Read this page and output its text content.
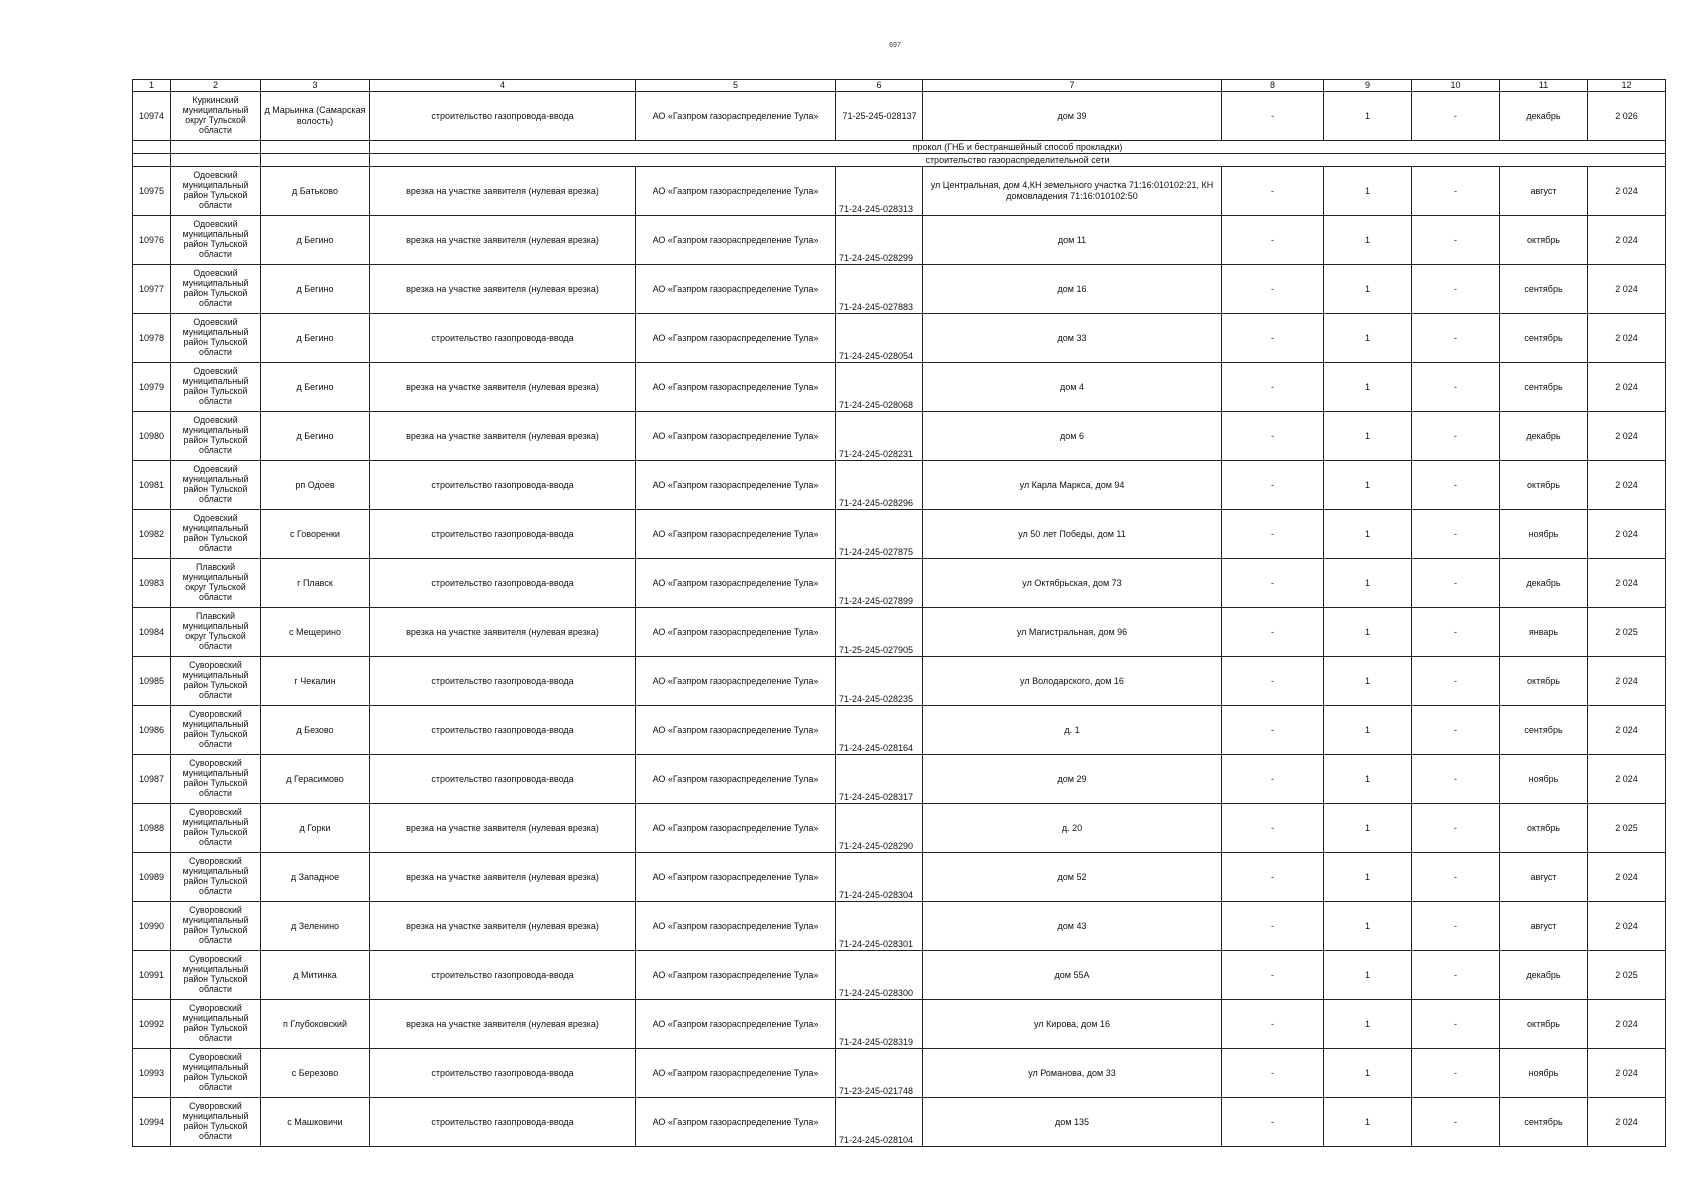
697
1	2	3	4	5	6	7	8	9	10	11	12
10974	Куркинский муниципальный округ Тульской области	д Марьинка (Самарская волость)	строительство газопровода-ввода	АО «Газпром газораспределение Тула»	71-25-245-028137	дом 39	-	1	-	декабрь	2 026
			прокол (ГНБ и бестраншейный способ прокладки)								
			строительство газораспределительной сети								
10975	Одоевский муниципальный район Тульской области	д Батьково	врезка на участке заявителя (нулевая врезка)	АО «Газпром газораспределение Тула»	71-24-245-028313	ул Центральная, дом 4,КН земельного участка 71:16:010102:21, КН домовладения 71:16:010102:50	-	1	-	август	2 024
10976	Одоевский муниципальный район Тульской области	д Бегино	врезка на участке заявителя (нулевая врезка)	АО «Газпром газораспределение Тула»	71-24-245-028299	дом 11	-	1	-	октябрь	2 024
10977	Одоевский муниципальный район Тульской области	д Бегино	врезка на участке заявителя (нулевая врезка)	АО «Газпром газораспределение Тула»	71-24-245-027883	дом 16	-	1	-	сентябрь	2 024
10978	Одоевский муниципальный район Тульской области	д Бегино	строительство газопровода-ввода	АО «Газпром газораспределение Тула»	71-24-245-028054	дом 33	-	1	-	сентябрь	2 024
10979	Одоевский муниципальный район Тульской области	д Бегино	врезка на участке заявителя (нулевая врезка)	АО «Газпром газораспределение Тула»	71-24-245-028068	дом 4	-	1	-	сентябрь	2 024
10980	Одоевский муниципальный район Тульской области	д Бегино	врезка на участке заявителя (нулевая врезка)	АО «Газпром газораспределение Тула»	71-24-245-028231	дом 6	-	1	-	декабрь	2 024
10981	Одоевский муниципальный район Тульской области	рп Одоев	строительство газопровода-ввода	АО «Газпром газораспределение Тула»	71-24-245-028296	ул Карла Маркса, дом 94	-	1	-	октябрь	2 024
10982	Одоевский муниципальный район Тульской области	с Говоренки	строительство газопровода-ввода	АО «Газпром газораспределение Тула»	71-24-245-027875	ул 50 лет Победы, дом 11	-	1	-	ноябрь	2 024
10983	Плавский муниципальный округ Тульской области	г Плавск	строительство газопровода-ввода	АО «Газпром газораспределение Тула»	71-24-245-027899	ул Октябрьская, дом 73	-	1	-	декабрь	2 024
10984	Плавский муниципальный округ Тульской области	с Мещерино	врезка на участке заявителя (нулевая врезка)	АО «Газпром газораспределение Тула»	71-25-245-027905	ул Магистральная, дом 96	-	1	-	январь	2 025
10985	Суворовский муниципальный район Тульской области	г Чекалин	строительство газопровода-ввода	АО «Газпром газораспределение Тула»	71-24-245-028235	ул Володарского, дом 16	-	1	-	октябрь	2 024
10986	Суворовский муниципальный район Тульской области	д Безово	строительство газопровода-ввода	АО «Газпром газораспределение Тула»	71-24-245-028164	д. 1	-	1	-	сентябрь	2 024
10987	Суворовский муниципальный район Тульской области	д Герасимово	строительство газопровода-ввода	АО «Газпром газораспределение Тула»	71-24-245-028317	дом 29	-	1	-	ноябрь	2 024
10988	Суворовский муниципальный район Тульской области	д Горки	врезка на участке заявителя (нулевая врезка)	АО «Газпром газораспределение Тула»	71-24-245-028290	д. 20	-	1	-	октябрь	2 025
10989	Суворовский муниципальный район Тульской области	д Западное	врезка на участке заявителя (нулевая врезка)	АО «Газпром газораспределение Тула»	71-24-245-028304	дом 52	-	1	-	август	2 024
10990	Суворовский муниципальный район Тульской области	д Зеленино	врезка на участке заявителя (нулевая врезка)	АО «Газпром газораспределение Тула»	71-24-245-028301	дом 43	-	1	-	август	2 024
10991	Суворовский муниципальный район Тульской области	д Митинка	строительство газопровода-ввода	АО «Газпром газораспределение Тула»	71-24-245-028300	дом 55А	-	1	-	декабрь	2 025
10992	Суворовский муниципальный район Тульской области	п Глубоковский	врезка на участке заявителя (нулевая врезка)	АО «Газпром газораспределение Тула»	71-24-245-028319	ул Кирова, дом 16	-	1	-	октябрь	2 024
10993	Суворовский муниципальный район Тульской области	с Березово	строительство газопровода-ввода	АО «Газпром газораспределение Тула»	71-23-245-021748	ул Романова, дом 33	-	1	-	ноябрь	2 024
10994	Суворовский муниципальный район Тульской области	с Машковичи	строительство газопровода-ввода	АО «Газпром газораспределение Тула»	71-24-245-028104	дом 135	-	1	-	сентябрь	2 024
